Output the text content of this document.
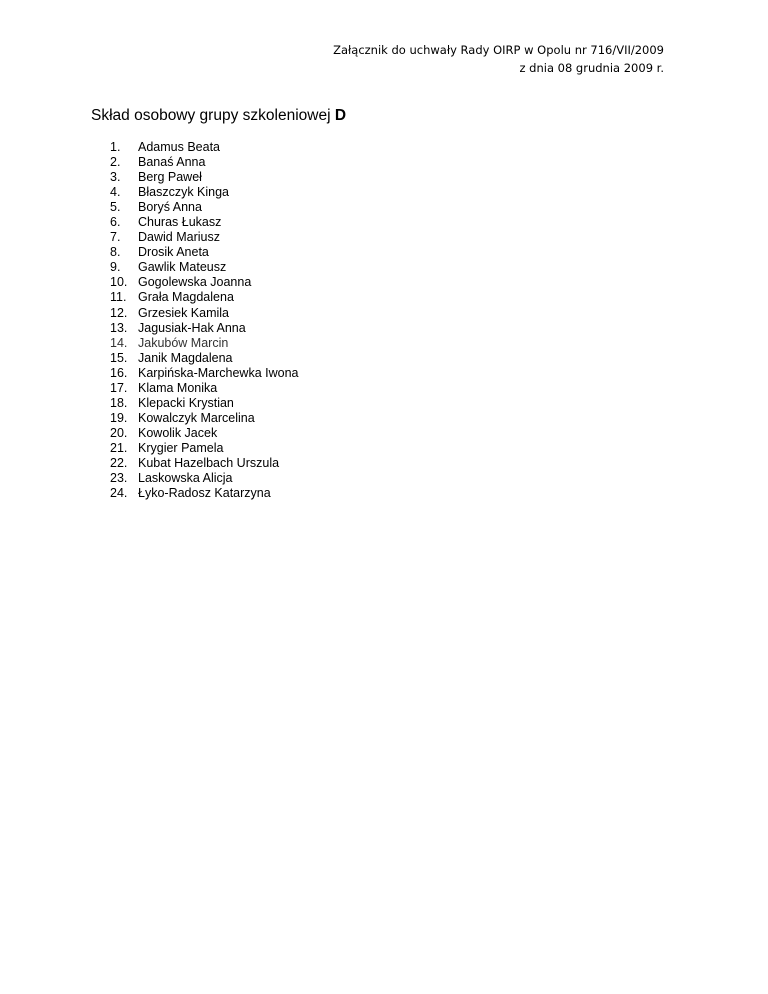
Załącznik do uchwały Rady OIRP w Opolu nr 716/VII/2009
z dnia 08 grudnia 2009 r.
Skład osobowy grupy szkoleniowej D
1.	Adamus Beata
2.	Banaś Anna
3.	Berg Paweł
4.	Błaszczyk Kinga
5.	Boryś Anna
6.	Churas Łukasz
7.	Dawid Mariusz
8.	Drosik Aneta
9.	Gawlik Mateusz
10. Gogolewska Joanna
11. Grała Magdalena
12. Grzesiek Kamila
13. Jagusiak-Hak Anna
14. Jakubów Marcin
15. Janik Magdalena
16. Karpińska-Marchewka Iwona
17. Klama Monika
18. Klepacki Krystian
19. Kowalczyk Marcelina
20. Kowolik Jacek
21. Krygier Pamela
22. Kubat Hazelbach Urszula
23. Laskowska Alicja
24. Łyko-Radosz Katarzyna
